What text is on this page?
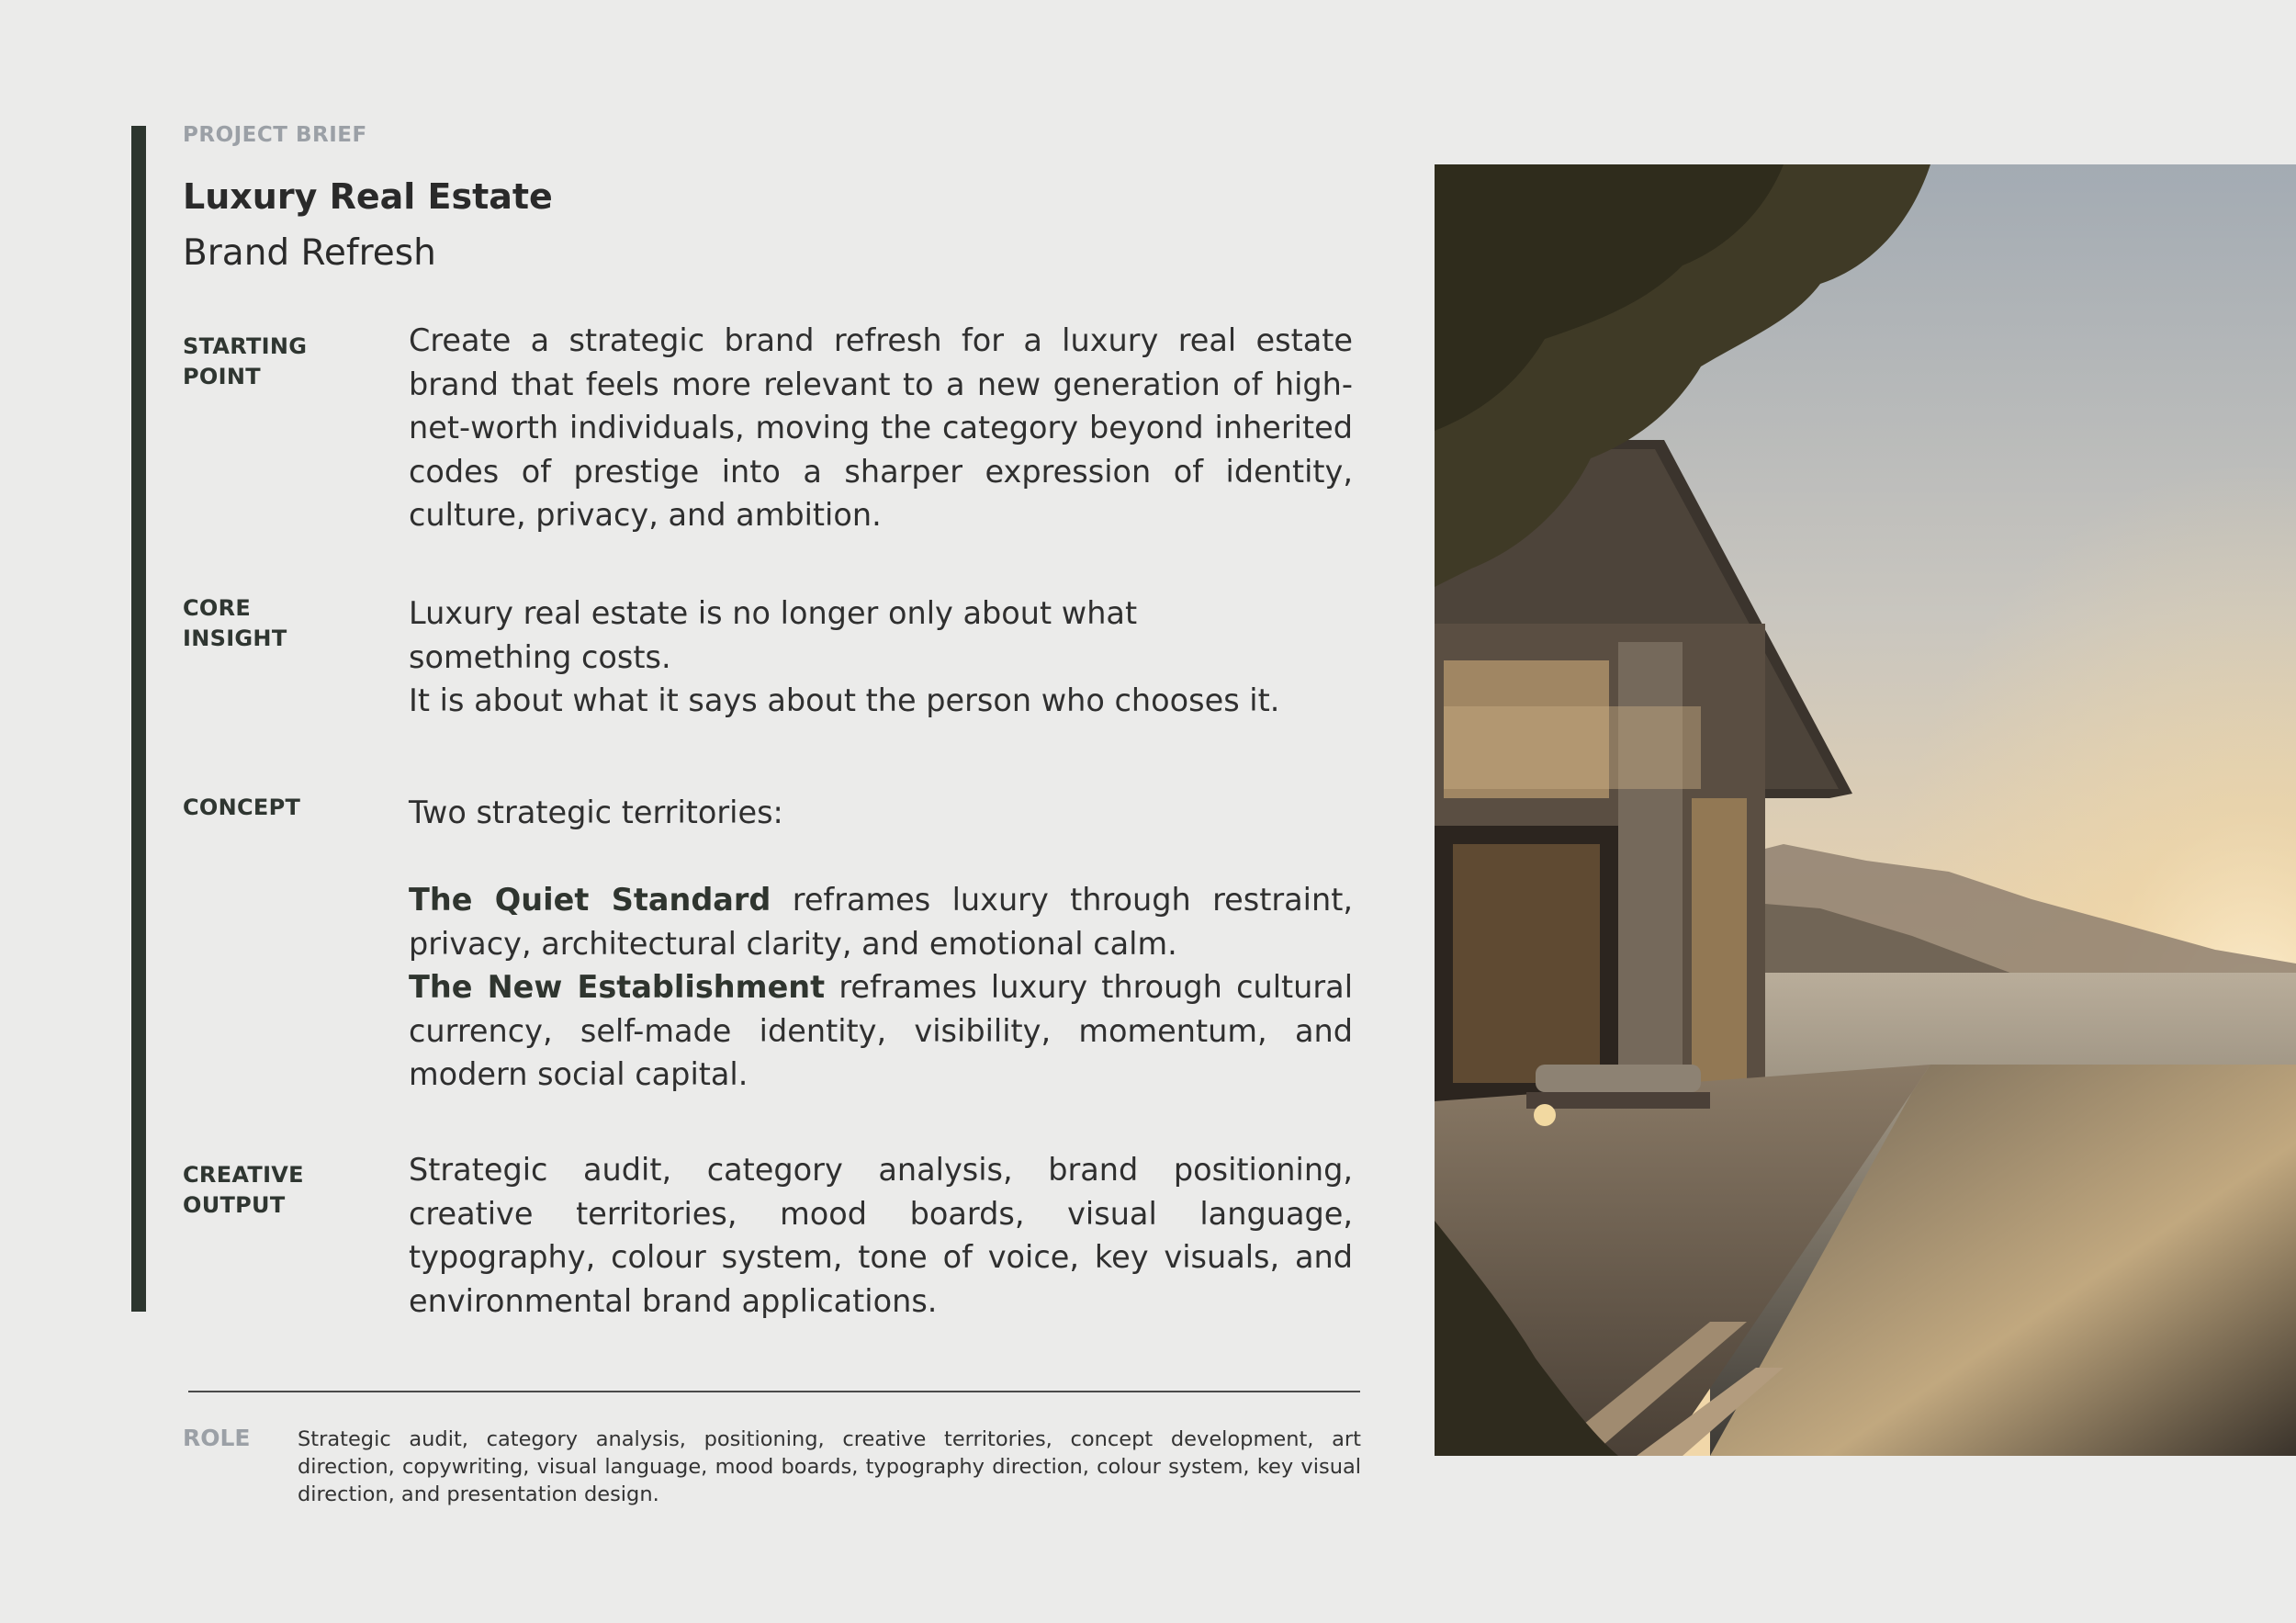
PROJECT BRIEF
Luxury Real Estate
Brand Refresh
STARTING
POINT
Create a strategic brand refresh for a luxury real estate brand that feels more relevant to a new generation of high-net-worth individuals, moving the category beyond inherited codes of prestige into a sharper expression of identity, culture, privacy, and ambition.
CORE
INSIGHT
Luxury real estate is no longer only about what
something costs.
It is about what it says about the person who chooses it.
CONCEPT	Two strategic territories:
The Quiet Standard reframes luxury through restraint, privacy, architectural clarity, and emotional calm.
The New Establishment reframes luxury through cultural currency, self-made identity, visibility, momentum, and modern social capital.
CREATIVE
OUTPUT
Strategic audit, category analysis, brand positioning, creative territories, mood boards, visual language, typography, colour system, tone of voice, key visuals, and environmental brand applications.
ROLE Strategic audit, category analysis, positioning, creative territories, concept development, art direction, copywriting, visual language, mood boards, typography direction, colour system, key visual direction, and presentation design.
